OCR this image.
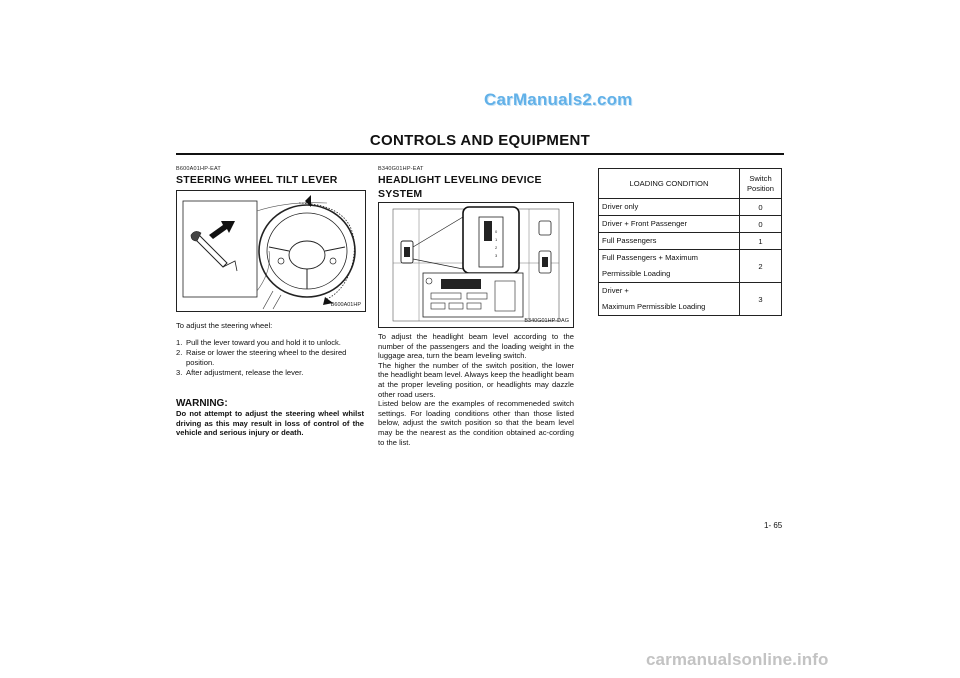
CarManuals2.com
CONTROLS AND EQUIPMENT
B600A01HP-EAT
STEERING WHEEL TILT LEVER
B600A01HP

To adjust the steering wheel:

1. Pull the lever toward you and hold it to unlock.
2. Raise or lower the steering wheel to the desired position.
3. After adjustment, release the lever.
WARNING:
Do not attempt to adjust the steering wheel whilst driving as this may result in loss of control of the vehicle and serious injury or death.
B340G01HP-EAT
HEADLIGHT LEVELING DEVICE
SYSTEM
0
1
2
3
B340G01HP-DAG

To adjust the headlight beam level according to the number of the passengers and the loading weight in the luggage area, turn the beam leveling switch.

The higher the number of the switch position, the lower the headlight beam level. Always keep the headlight beam at the proper leveling position, or headlights may dazzle other road users.

Listed below are the examples of recommeneded switch settings. For loading conditions other than those listed below, adjust the switch position so that the beam level may be the nearest as the condition obtained ac-cording to the list.

LOADING CONDITION	Switch
Position

Driver only	0

Driver + Front Passenger	0

Full Passengers	1

Full Passengers + Maximum
Permissible Loading	2

Driver +
Maximum Permissible Loading	3
1- 65
carmanualsonline.info
